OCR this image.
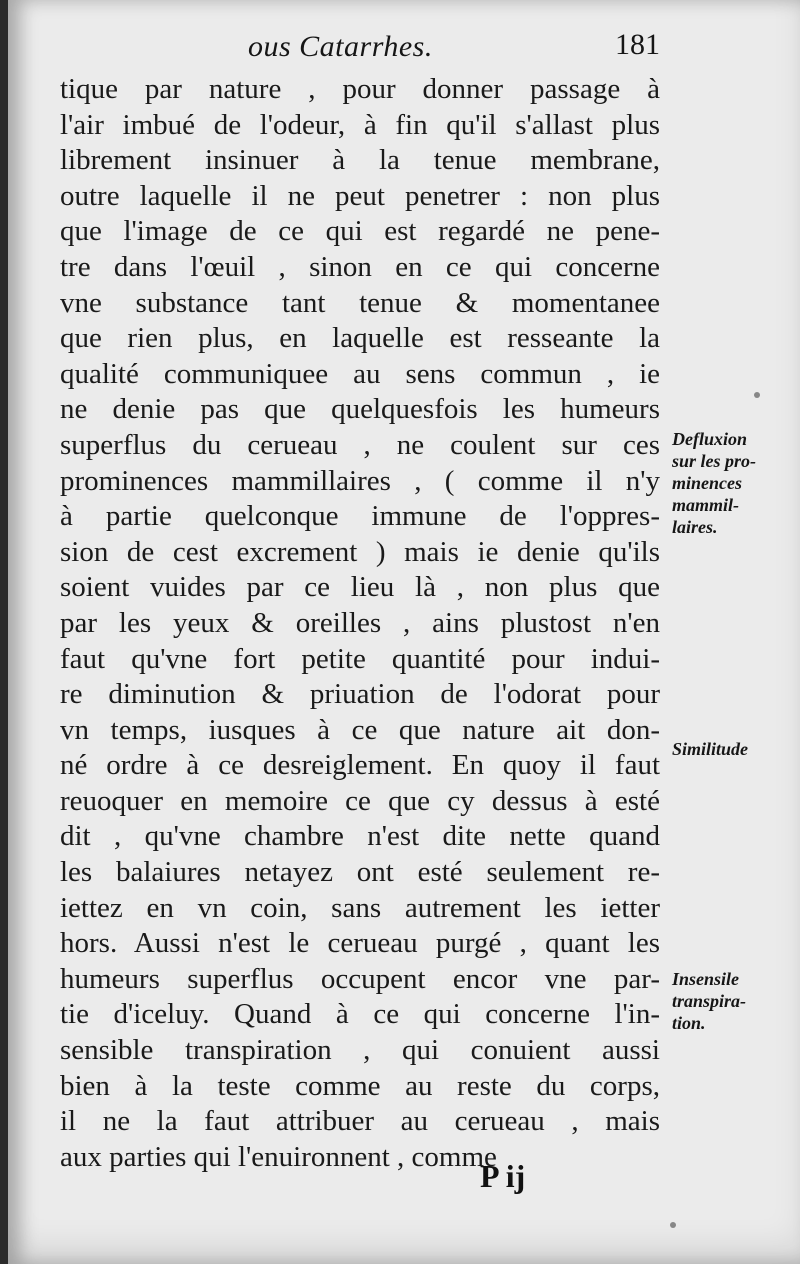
ous Catarrhes.	181
tique par nature , pour donner passage à
l'air imbué de l'odeur, à fin qu'il s'allast plus
librement insinuer à la tenue membrane,
outre laquelle il ne peut penetrer : non plus
que l'image de ce qui est regardé ne pene-
tre dans l'œuil , sinon en ce qui concerne
vne substance tant tenue & momentanee
que rien plus, en laquelle est resseante la
qualité communiquee au sens commun , ie
ne denie pas que quelquesfois les humeurs
superflus du cerueau , ne coulent sur ces
prominences mammillaires , ( comme il n'y
à partie quelconque immune de l'oppres-
sion de cest excrement ) mais ie denie qu'ils
soient vuides par ce lieu là , non plus que
par les yeux & oreilles , ains plustost n'en
faut qu'vne fort petite quantité pour indui-
re diminution & priuation de l'odorat pour
vn temps, iusques à ce que nature ait don-
né ordre à ce desreiglement. En quoy il faut
reuoquer en memoire ce que cy dessus à esté
dit , qu'vne chambre n'est dite nette quand
les balaiures netayez ont esté seulement re-
iettez en vn coin, sans autrement les ietter
hors. Aussi n'est le cerueau purgé , quant les
humeurs superflus occupent encor vne par-
tie d'iceluy. Quand à ce qui concerne l'in-
sensible transpiration , qui conuient aussi
bien à la teste comme au reste du corps,
il ne la faut attribuer au cerueau , mais
aux parties qui l'enuironnent , comme
P ij
Defluxion
sur les pro-
minences
mammil-
laires.
Similitude
Insensile
transpira-
tion.
